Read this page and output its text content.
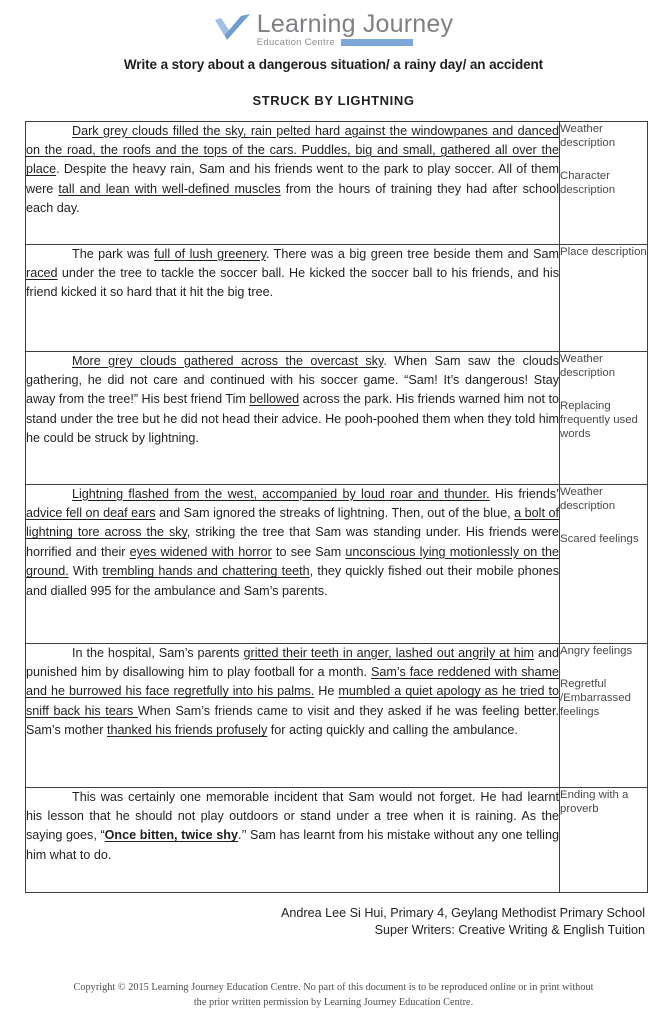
Learning Journey
Education Centre
Write a story about a dangerous situation/ a rainy day/ an accident
STRUCK BY LIGHTNING

Dark grey clouds filled the sky, rain pelted hard against the windowpanes and danced on the road, the roofs and the tops of the cars. Puddles, big and small, gathered all over the place. Despite the heavy rain, Sam and his friends went to the park to play soccer. All of them were tall and lean with well-defined muscles from the hours of training they had after school each day.	Weather description

Character description

The park was full of lush greenery. There was a big green tree beside them and Sam raced under the tree to tackle the soccer ball. He kicked the soccer ball to his friends, and his friend kicked it so hard that it hit the big tree.	Place description

More grey clouds gathered across the overcast sky. When Sam saw the clouds gathering, he did not care and continued with his soccer game. “Sam! It’s dangerous! Stay away from the tree!” His best friend Tim bellowed across the park. His friends warned him not to stand under the tree but he did not head their advice. He pooh-poohed them when they told him he could be struck by lightning.	Weather description

Replacing frequently used words

Lightning flashed from the west, accompanied by loud roar and thunder. His friends’ advice fell on deaf ears and Sam ignored the streaks of lightning. Then, out of the blue, a bolt of lightning tore across the sky, striking the tree that Sam was standing under. His friends were horrified and their eyes widened with horror to see Sam unconscious lying motionlessly on the ground. With trembling hands and chattering teeth, they quickly fished out their mobile phones and dialled 995 for the ambulance and Sam’s parents.	Weather description

Scared feelings

In the hospital, Sam’s parents gritted their teeth in anger, lashed out angrily at him and punished him by disallowing him to play football for a month. Sam’s face reddened with shame and he burrowed his face regretfully into his palms. He mumbled a quiet apology as he tried to sniff back his tears When Sam’s friends came to visit and they asked if he was feeling better. Sam’s mother thanked his friends profusely for acting quickly and calling the ambulance.	Angry feelings

Regretful /Embarrassed feelings

This was certainly one memorable incident that Sam would not forget. He had learnt his lesson that he should not play outdoors or stand under a tree when it is raining. As the saying goes, “Once bitten, twice shy.’’ Sam has learnt from his mistake without any one telling him what to do.	Ending with a proverb

Andrea Lee Si Hui, Primary 4, Geylang Methodist Primary School
Super Writers: Creative Writing & English Tuition
Copyright © 2015 Learning Journey Education Centre. No part of this document is to be reproduced online or in print without
the prior written permission by Learning Journey Education Centre.
